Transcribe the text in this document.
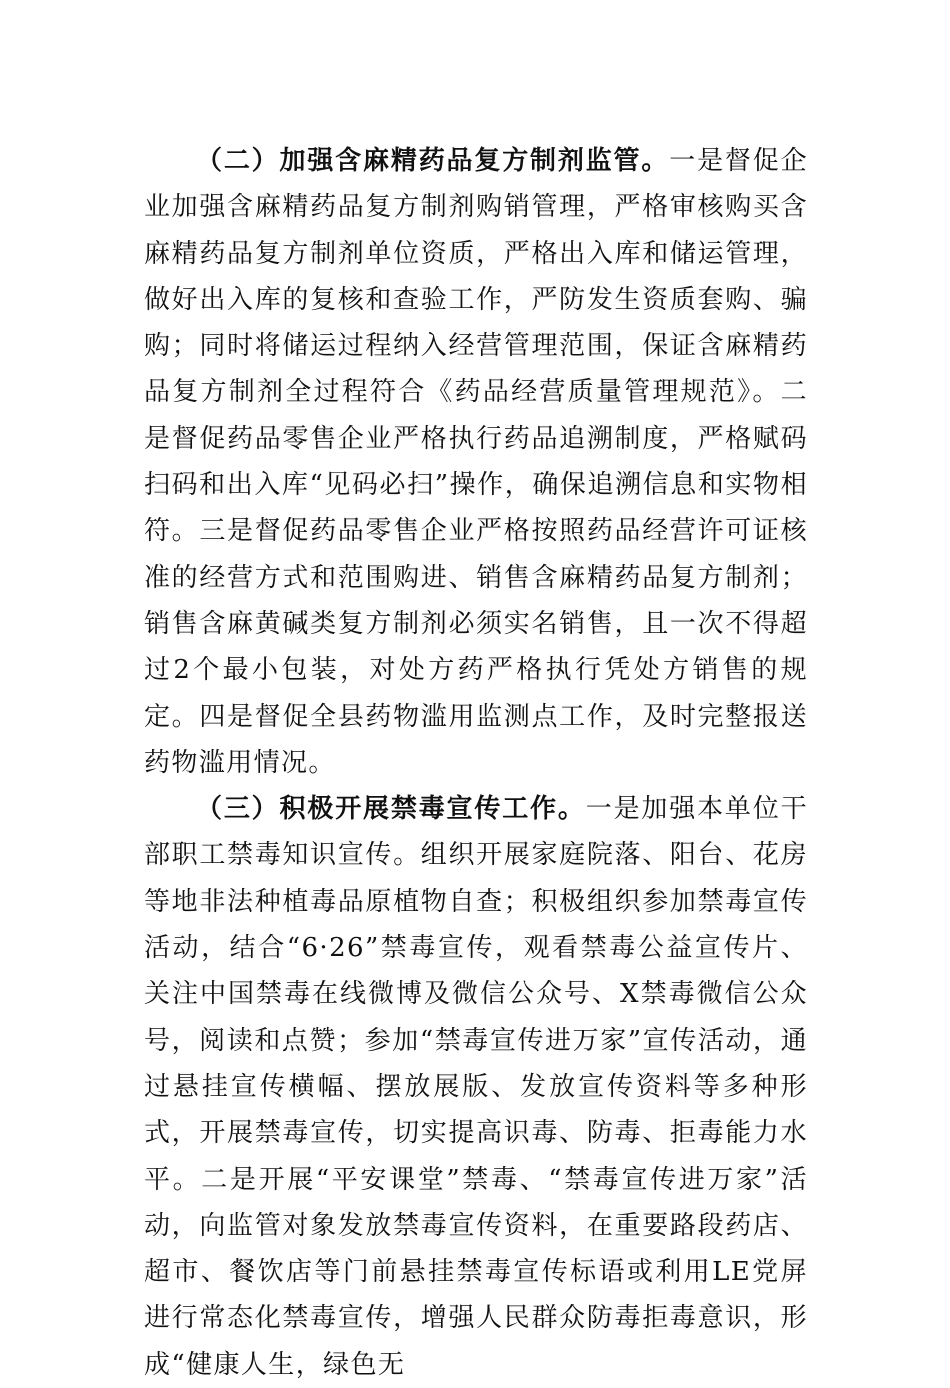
（二）加强含麻精药品复方制剂监管。一是督促企业加强含麻精药品复方制剂购销管理，严格审核购买含麻精药品复方制剂单位资质，严格出入库和储运管理，做好出入库的复核和查验工作，严防发生资质套购、骗购；同时将储运过程纳入经营管理范围，保证含麻精药品复方制剂全过程符合《药品经营质量管理规范》。二是督促药品零售企业严格执行药品追溯制度，严格赋码扫码和出入库“见码必扫”操作，确保追溯信息和实物相符。三是督促药品零售企业严格按照药品经营许可证核准的经营方式和范围购进、销售含麻精药品复方制剂；销售含麻黄碱类复方制剂必须实名销售，且一次不得超过2个最小包装，对处方药严格执行凭处方销售的规定。四是督促全县药物滥用监测点工作，及时完整报送药物滥用情况。

（三）积极开展禁毒宣传工作。一是加强本单位干部职工禁毒知识宣传。组织开展家庭院落、阳台、花房等地非法种植毒品原植物自查；积极组织参加禁毒宣传活动，结合“6·26”禁毒宣传，观看禁毒公益宣传片、关注中国禁毒在线微博及微信公众号、X禁毒微信公众号，阅读和点赞；参加“禁毒宣传进万家”宣传活动，通过悬挂宣传横幅、摆放展版、发放宣传资料等多种形式，开展禁毒宣传，切实提高识毒、防毒、拒毒能力水平。二是开展“平安课堂”禁毒、“禁毒宣传进万家”活动，向监管对象发放禁毒宣传资料，在重要路段药店、超市、餐饮店等门前悬挂禁毒宣传标语或利用LE党屏进行常态化禁毒宣传，增强人民群众防毒拒毒意识，形成“健康人生，绿色无
